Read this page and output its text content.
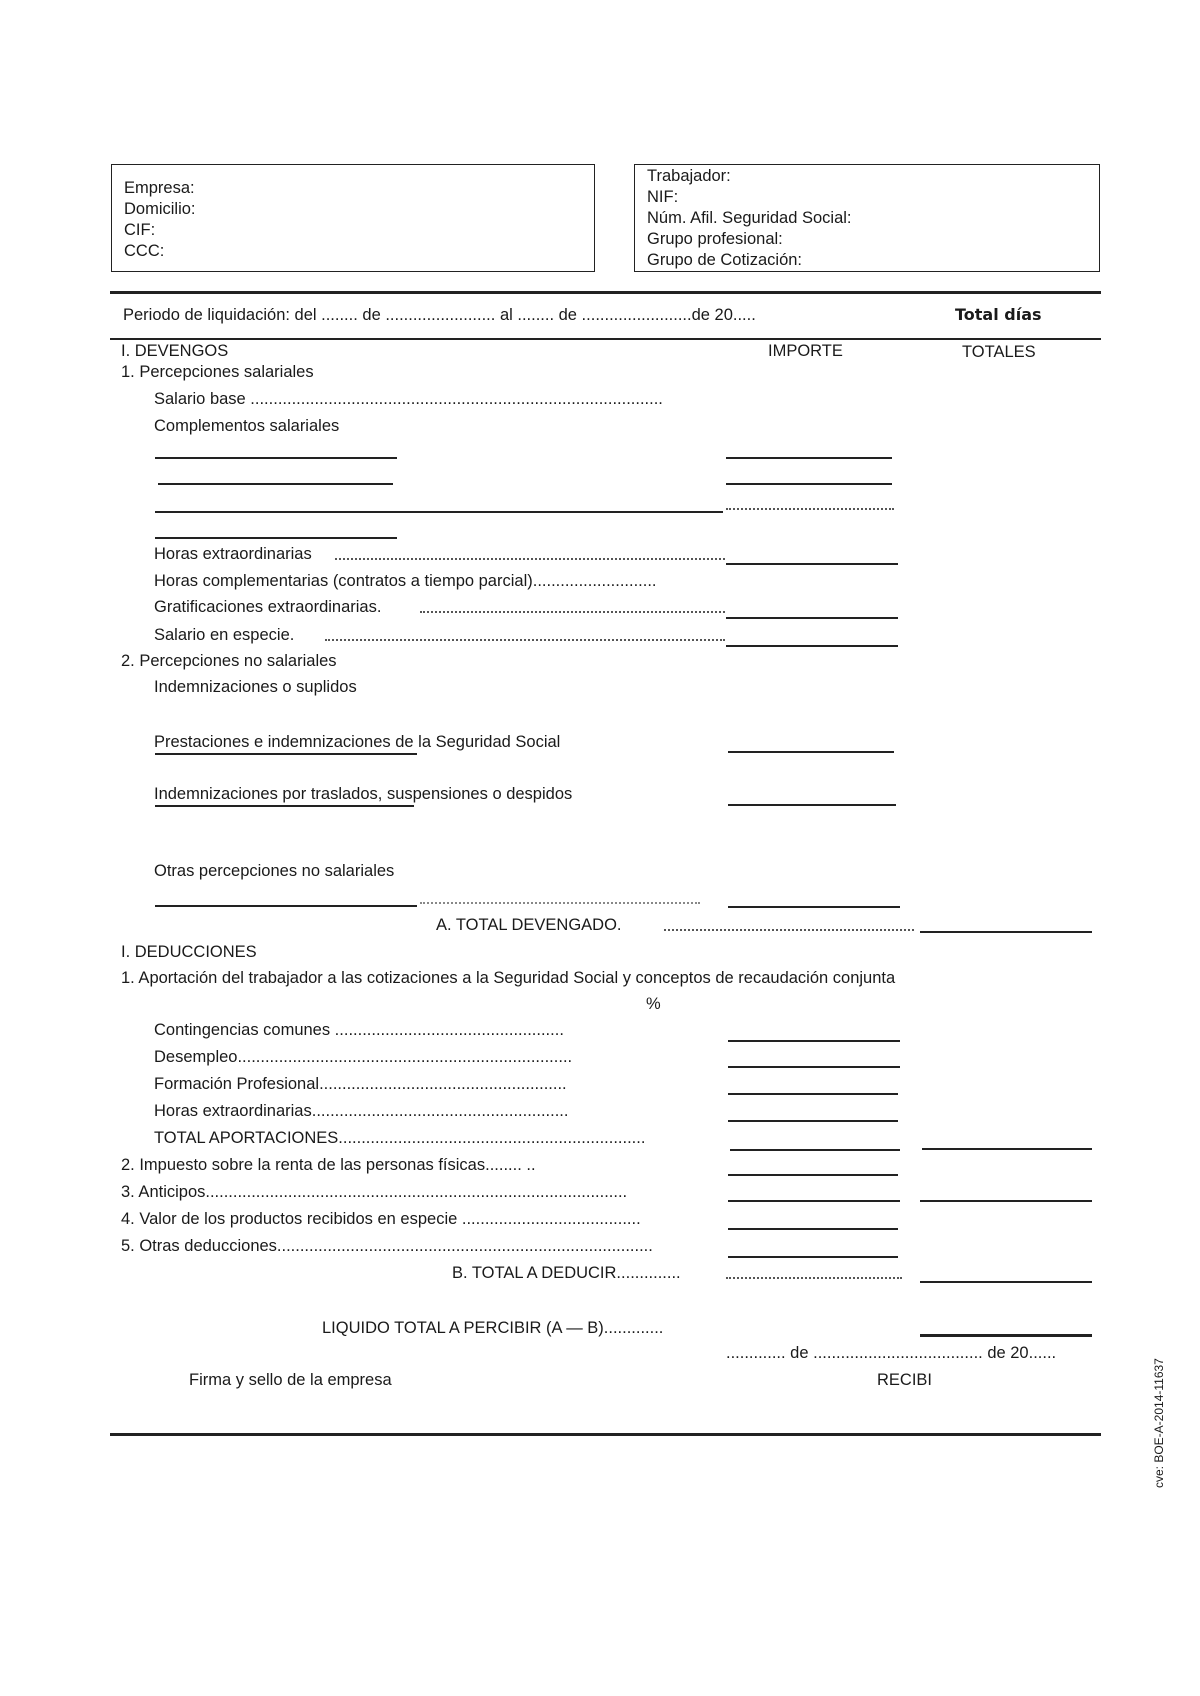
Empresa:

Domicilio:

CIF:

CCC:

Trabajador:

NIF:

Núm. Afil. Seguridad Social:

Grupo profesional:

Grupo de Cotización:

Periodo de liquidación: del ........ de ........................ al ........ de ........................de 20.....	Total días
I. DEVENGOS	IMPORTE	TOTALES
1. Percepciones salariales
Salario base ..........................................................................................
Complementos salariales
Horas extraordinarias
Horas complementarias (contratos a tiempo parcial)...........................
Gratificaciones extraordinarias.
Salario en especie.
2. Percepciones no salariales
Indemnizaciones o suplidos
Prestaciones e indemnizaciones de la Seguridad Social
Indemnizaciones por traslados, suspensiones o despidos
Otras percepciones no salariales
A. TOTAL DEVENGADO.
I. DEDUCCIONES
1. Aportación del trabajador a las cotizaciones a la Seguridad Social y conceptos de recaudación conjunta
%
Contingencias comunes ..................................................
Desempleo.........................................................................
Formación Profesional......................................................
Horas extraordinarias........................................................
TOTAL APORTACIONES...................................................................
2. Impuesto sobre la renta de las personas físicas........ ..
3. Anticipos............................................................................................
4. Valor de los productos recibidos en especie .......................................
5. Otras deducciones..................................................................................
B. TOTAL A DEDUCIR..............
LIQUIDO TOTAL A PERCIBIR (A — B).............
............. de ..................................... de 20......
Firma y sello de la empresa	RECIBI	cve: BOE-A-2014-11637
